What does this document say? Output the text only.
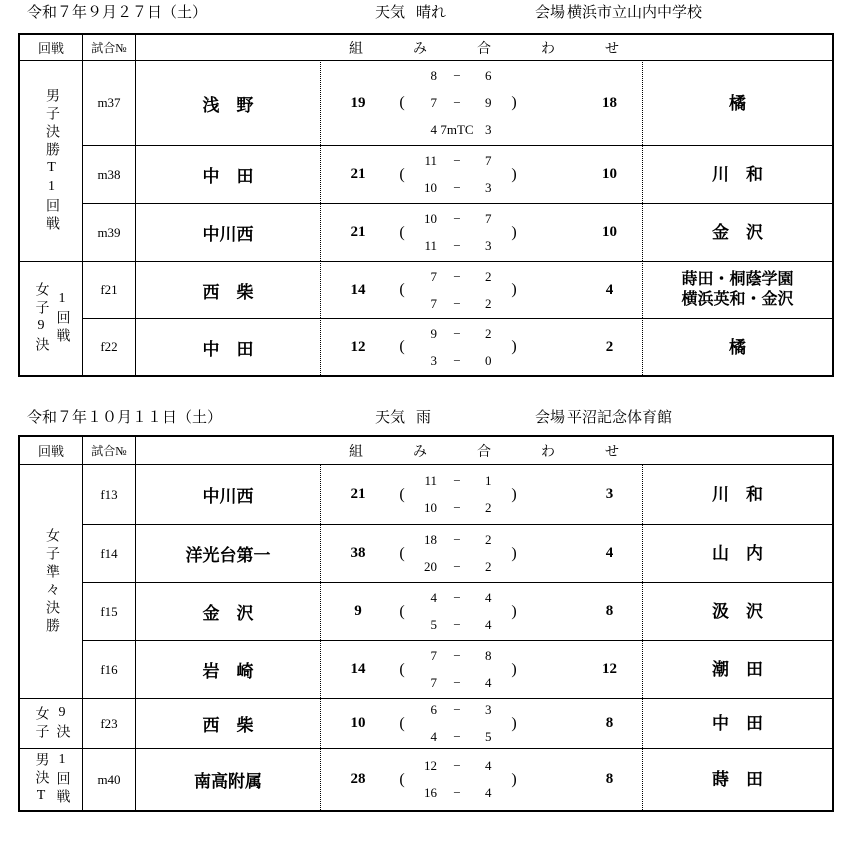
令和７年９月２７日（土）	天気 晴れ	会場 横浜市立山内中学校
回戦	試合№	組　み　合　わ　せ
男子決勝T1回戦	m37	浅　野	19	(
8	−	6
7	−	9
4 7mTC 3
)	18	橘
m38	中　田	21	(
11	−	7
10	−	3
)	10	川　和
m39	中川西	21	(
10	−	7
11	−	3
)	10	金　沢
女子9決 1回戦
f21	西　柴	14	(
7	−	2
7	−	2
)	4
蒔田・桐蔭学園
横浜英和・金沢
f22	中　田	12	(
9	−	2
3	−	0
)	2	橘
令和７年１０月１１日（土）	天気 雨	会場 平沼記念体育館
回戦	試合№	組　み　合　わ　せ
女子準々決勝
f13	中川西	21	(
11	−	1
10	−	2
)	3	川　和
f14	洋光台第一	38	(
18	−	2
20	−	2
)	4	山　内
f15	金　沢	9	(
4	−	4
5	−	4
)	8	汲　沢
f16	岩　崎	14	(
7	−	8
7	−	4
)	12	潮　田
女子 9決	f23	西　柴	10	(
6	−	3
4	−	5
)	8	中　田
男決T 1回戦	m40	南高附属	28	(
12	−	4
16	−	4
)	8	蒔　田
